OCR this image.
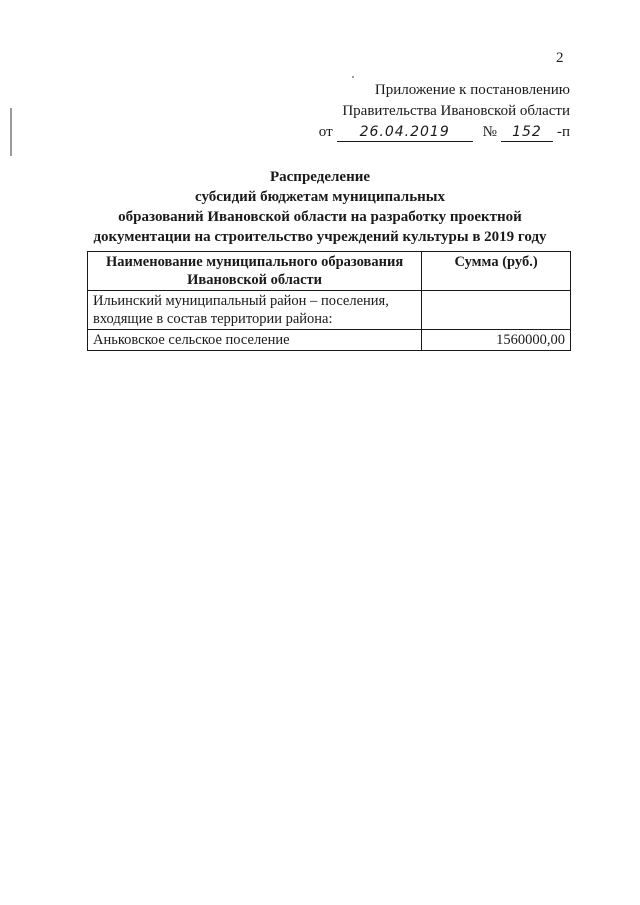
2
Приложение к постановлению
Правительства Ивановской области
от	26.04.2019	№	152	-п
Распределение
субсидий бюджетам муниципальных
образований Ивановской области на разработку проектной
документации на строительство учреждений культуры в 2019 году
Наименование муниципального образования Ивановской области	Сумма (руб.)
Ильинский муниципальный район – поселения, входящие в состав территории района:	
Аньковское сельское поселение	1560000,00
